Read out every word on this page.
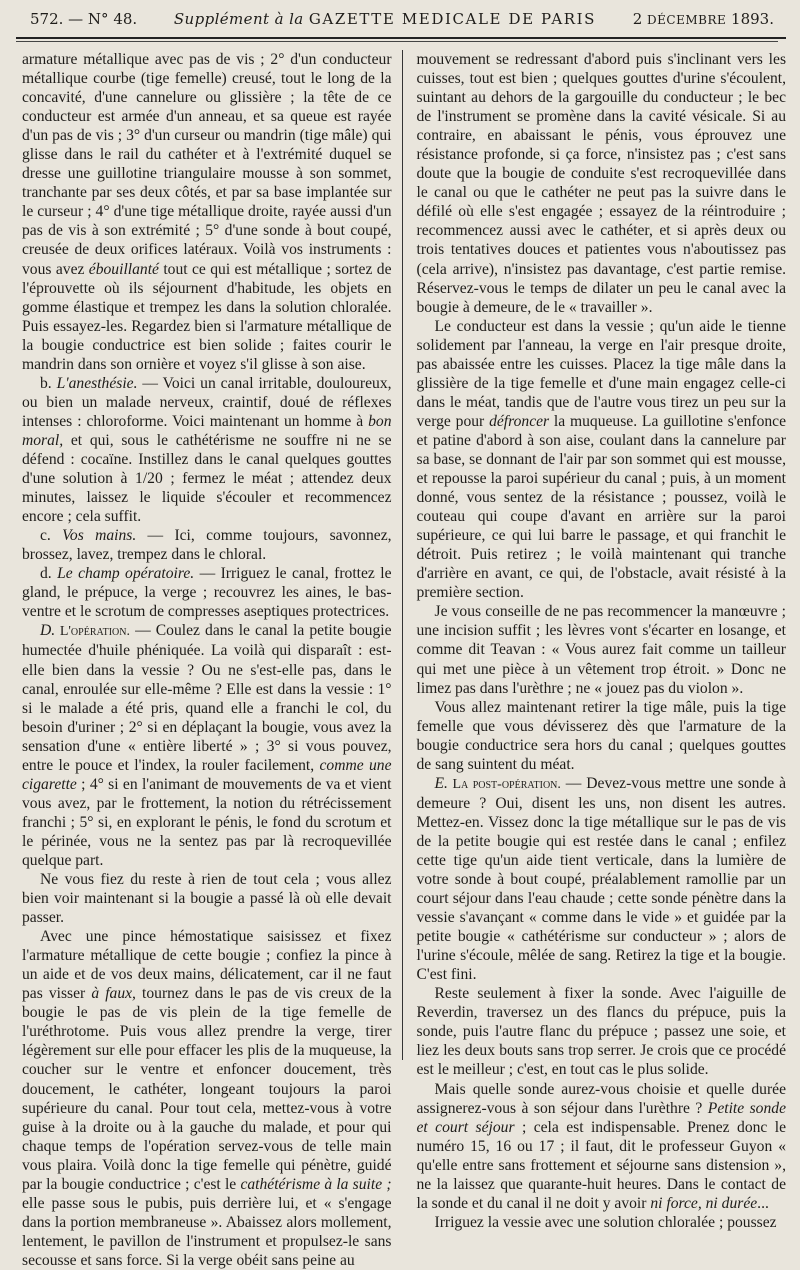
572. — N° 48. Supplément à la GAZETTE MEDICALE DE PARIS 2 DÉCEMBRE 1893.

armature métallique avec pas de vis ; 2° d'un conducteur métallique courbe (tige femelle) creusé, tout le long de la concavité, d'une cannelure ou glissière ; la tête de ce conducteur est armée d'un anneau, et sa queue est rayée d'un pas de vis ; 3° d'un curseur ou mandrin (tige mâle) qui glisse dans le rail du cathéter et à l'extrémité duquel se dresse une guillotine triangulaire mousse à son sommet, tranchante par ses deux côtés, et par sa base implantée sur le curseur ; 4° d'une tige métallique droite, rayée aussi d'un pas de vis à son extrémité ; 5° d'une sonde à bout coupé, creusée de deux orifices latéraux. Voilà vos instruments : vous avez ébouillanté tout ce qui est métallique ; sortez de l'éprouvette où ils séjournent d'habitude, les objets en gomme élastique et trempez les dans la solution chloralée. Puis essayez-les. Regardez bien si l'armature métallique de la bougie conductrice est bien solide ; faites courir le mandrin dans son ornière et voyez s'il glisse à son aise.

b. L'anesthésie. — Voici un canal irritable, douloureux, ou bien un malade nerveux, craintif, doué de réflexes intenses : chloroforme. Voici maintenant un homme à bon moral, et qui, sous le cathétérisme ne souffre ni ne se défend : cocaïne. Instillez dans le canal quelques gouttes d'une solution à 1/20 ; fermez le méat ; attendez deux minutes, laissez le liquide s'écouler et recommencez encore ; cela suffit.

c. Vos mains. — Ici, comme toujours, savonnez, brossez, lavez, trempez dans le chloral.

d. Le champ opératoire. — Irriguez le canal, frottez le gland, le prépuce, la verge ; recouvrez les aines, le bas-ventre et le scrotum de compresses aseptiques protectrices.

D. L'opération. — Coulez dans le canal la petite bougie humectée d'huile phéniquée. La voilà qui disparaît : est-elle bien dans la vessie ? Ou ne s'est-elle pas, dans le canal, enroulée sur elle-même ? Elle est dans la vessie : 1° si le malade a été pris, quand elle a franchi le col, du besoin d'uriner ; 2° si en déplaçant la bougie, vous avez la sensation d'une « entière liberté » ; 3° si vous pouvez, entre le pouce et l'index, la rouler facilement, comme une cigarette ; 4° si en l'animant de mouvements de va et vient vous avez, par le frottement, la notion du rétrécissement franchi ; 5° si, en explorant le pénis, le fond du scrotum et le périnée, vous ne la sentez pas par là recroquevillée quelque part.

Ne vous fiez du reste à rien de tout cela ; vous allez bien voir maintenant si la bougie a passé là où elle devait passer.

Avec une pince hémostatique saisissez et fixez l'armature métallique de cette bougie ; confiez la pince à un aide et de vos deux mains, délicatement, car il ne faut pas visser à faux, tournez dans le pas de vis creux de la bougie le pas de vis plein de la tige femelle de l'uréthrotome. Puis vous allez prendre la verge, tirer légèrement sur elle pour effacer les plis de la muqueuse, la coucher sur le ventre et enfoncer doucement, très doucement, le cathéter, longeant toujours la paroi supérieure du canal. Pour tout cela, mettez-vous à votre guise à la droite ou à la gauche du malade, et pour qui chaque temps de l'opération servez-vous de telle main vous plaira. Voilà donc la tige femelle qui pénètre, guidé par la bougie conductrice ; c'est le cathétérisme à la suite ; elle passe sous le pubis, puis derrière lui, et « s'engage dans la portion membraneuse ». Abaissez alors mollement, lentement, le pavillon de l'instrument et propulsez-le sans secousse et sans force. Si la verge obéit sans peine au

mouvement se redressant d'abord puis s'inclinant vers les cuisses, tout est bien ; quelques gouttes d'urine s'écoulent, suintant au dehors de la gargouille du conducteur ; le bec de l'instrument se promène dans la cavité vésicale. Si au contraire, en abaissant le pénis, vous éprouvez une résistance profonde, si ça force, n'insistez pas ; c'est sans doute que la bougie de conduite s'est recroquevillée dans le canal ou que le cathéter ne peut pas la suivre dans le défilé où elle s'est engagée ; essayez de la réintroduire ; recommencez aussi avec le cathéter, et si après deux ou trois tentatives douces et patientes vous n'aboutissez pas (cela arrive), n'insistez pas davantage, c'est partie remise. Réservez-vous le temps de dilater un peu le canal avec la bougie à demeure, de le « travailler ».

Le conducteur est dans la vessie ; qu'un aide le tienne solidement par l'anneau, la verge en l'air presque droite, pas abaissée entre les cuisses. Placez la tige mâle dans la glissière de la tige femelle et d'une main engagez celle-ci dans le méat, tandis que de l'autre vous tirez un peu sur la verge pour défroncer la muqueuse. La guillotine s'enfonce et patine d'abord à son aise, coulant dans la cannelure par sa base, se donnant de l'air par son sommet qui est mousse, et repousse la paroi supérieur du canal ; puis, à un moment donné, vous sentez de la résistance ; poussez, voilà le couteau qui coupe d'avant en arrière sur la paroi supérieure, ce qui lui barre le passage, et qui franchit le détroit. Puis retirez ; le voilà maintenant qui tranche d'arrière en avant, ce qui, de l'obstacle, avait résisté à la première section.

Je vous conseille de ne pas recommencer la manœuvre ; une incision suffit ; les lèvres vont s'écarter en losange, et comme dit Teavan : « Vous aurez fait comme un tailleur qui met une pièce à un vêtement trop étroit. » Donc ne limez pas dans l'urèthre ; ne « jouez pas du violon ».

Vous allez maintenant retirer la tige mâle, puis la tige femelle que vous dévisserez dès que l'armature de la bougie conductrice sera hors du canal ; quelques gouttes de sang suintent du méat.

E. La post-opération. — Devez-vous mettre une sonde à demeure ? Oui, disent les uns, non disent les autres. Mettez-en. Vissez donc la tige métallique sur le pas de vis de la petite bougie qui est restée dans le canal ; enfilez cette tige qu'un aide tient verticale, dans la lumière de votre sonde à bout coupé, préalablement ramollie par un court séjour dans l'eau chaude ; cette sonde pénètre dans la vessie s'avançant « comme dans le vide » et guidée par la petite bougie « cathétérisme sur conducteur » ; alors de l'urine s'écoule, mêlée de sang. Retirez la tige et la bougie. C'est fini.

Reste seulement à fixer la sonde. Avec l'aiguille de Reverdin, traversez un des flancs du prépuce, puis la sonde, puis l'autre flanc du prépuce ; passez une soie, et liez les deux bouts sans trop serrer. Je crois que ce procédé est le meilleur ; c'est, en tout cas le plus solide.

Mais quelle sonde aurez-vous choisie et quelle durée assignerez-vous à son séjour dans l'urèthre ? Petite sonde et court séjour ; cela est indispensable. Prenez donc le numéro 15, 16 ou 17 ; il faut, dit le professeur Guyon « qu'elle entre sans frottement et séjourne sans distension », ne la laissez que quarante-huit heures. Dans le contact de la sonde et du canal il ne doit y avoir ni force, ni durée...

Irriguez la vessie avec une solution chloralée ; poussez
